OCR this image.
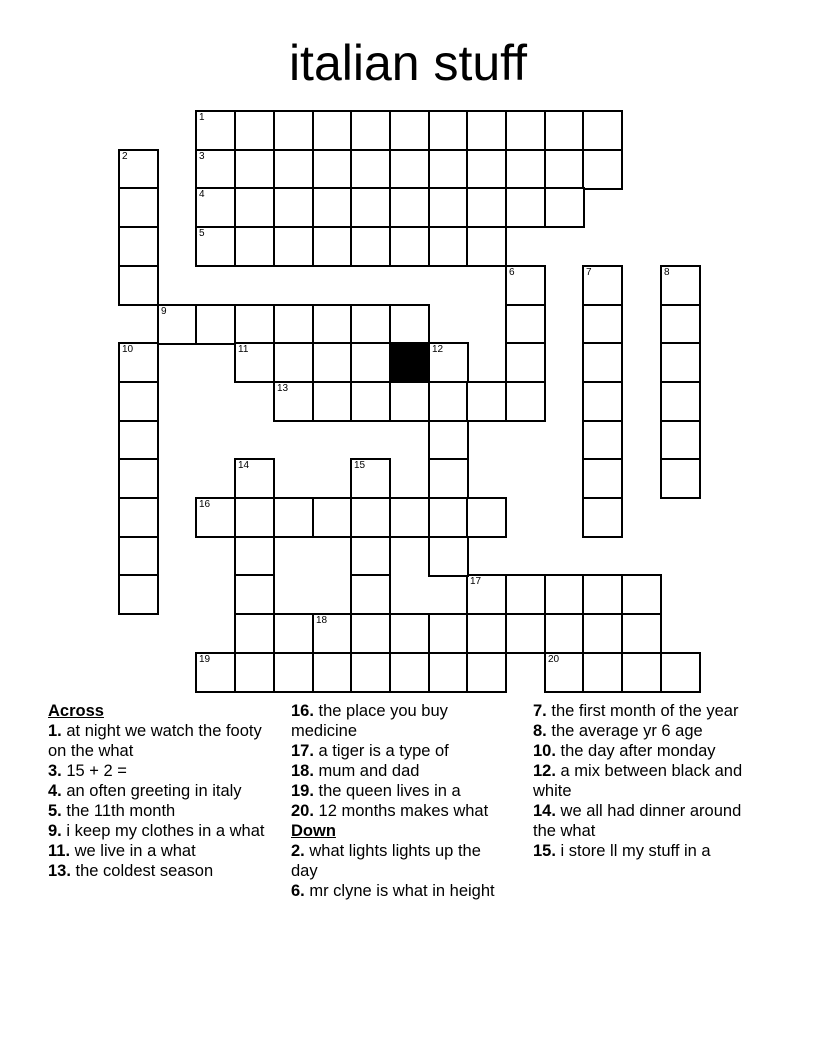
italian stuff
1
3
4
5
9
11	12
13
16
17
18
19	20
2
10
6	7	8
14	15
Across
1. at night we watch the footy on the what
3. 15 + 2 =
4. an often greeting in italy
5. the 11th month
9. i keep my clothes in a what
11. we live in a what
13. the coldest season
16. the place you buy medicine
17. a tiger is a type of
18. mum and dad
19. the queen lives in a
20. 12 months makes what
Down
2. what lights lights up the day
6. mr clyne is what in height
7. the first month of the year
8. the average yr 6 age
10. the day after monday
12. a mix between black and white
14. we all had dinner around the what
15. i store ll my stuff in a
